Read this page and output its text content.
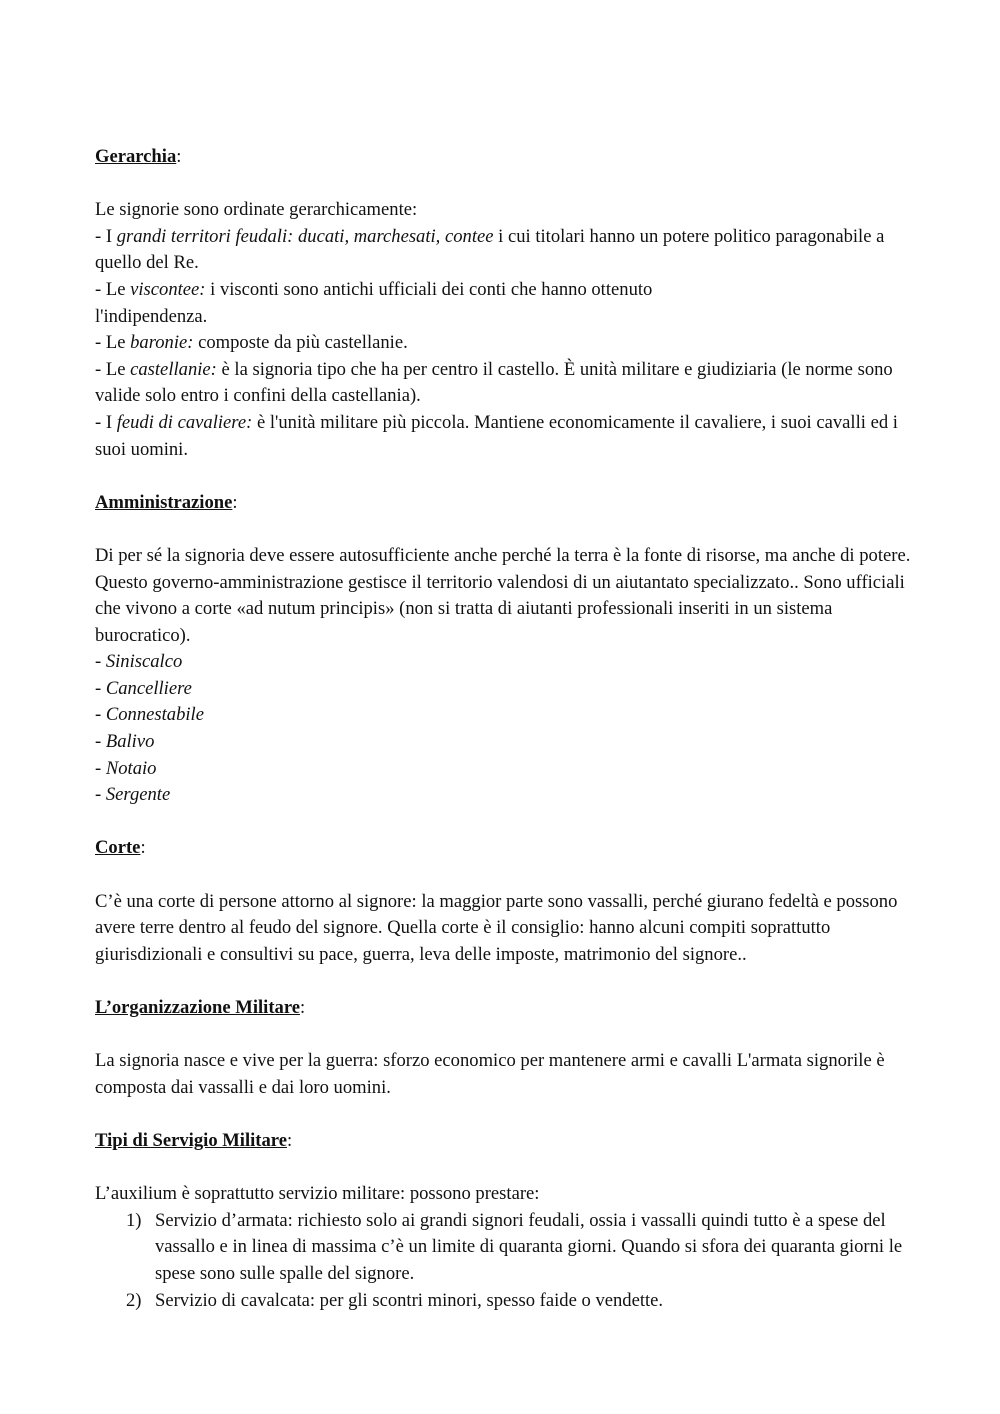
Gerarchia:

Le signorie sono ordinate gerarchicamente:

- I grandi territori feudali: ducati, marchesati, contee i cui titolari hanno un potere politico paragonabile a quello del Re.

- Le viscontee: i visconti sono antichi ufficiali dei conti che hanno ottenuto l'indipendenza.

- Le baronie: composte da più castellanie.

- Le castellanie: è la signoria tipo che ha per centro il castello. È unità militare e giudiziaria (le norme sono valide solo entro i confini della castellania).

- I feudi di cavaliere: è l'unità militare più piccola. Mantiene economicamente il cavaliere, i suoi cavalli ed i suoi uomini.

Amministrazione:

Di per sé la signoria deve essere autosufficiente anche perché la terra è la fonte di risorse, ma anche di potere. Questo governo-amministrazione gestisce il territorio valendosi di un aiutantato specializzato.. Sono ufficiali che vivono a corte «ad nutum principis» (non si tratta di aiutanti professionali inseriti in un sistema burocratico).

- Siniscalco

- Cancelliere

- Connestabile

- Balivo

- Notaio

- Sergente

Corte:

C’è una corte di persone attorno al signore: la maggior parte sono vassalli, perché giurano fedeltà e possono avere terre dentro al feudo del signore. Quella corte è il consiglio: hanno alcuni compiti soprattutto giurisdizionali e consultivi su pace, guerra, leva delle imposte, matrimonio del signore..

L’organizzazione Militare:

La signoria nasce e vive per la guerra: sforzo economico per mantenere armi e cavalli L'armata signorile è composta dai vassalli e dai loro uomini.

Tipi di Servigio Militare:

L’auxilium è soprattutto servizio militare: possono prestare:

1) Servizio d’armata: richiesto solo ai grandi signori feudali, ossia i vassalli quindi tutto è a spese del vassallo e in linea di massima c’è un limite di quaranta giorni. Quando si sfora dei quaranta giorni le spese sono sulle spalle del signore.
2) Servizio di cavalcata: per gli scontri minori, spesso faide o vendette.
